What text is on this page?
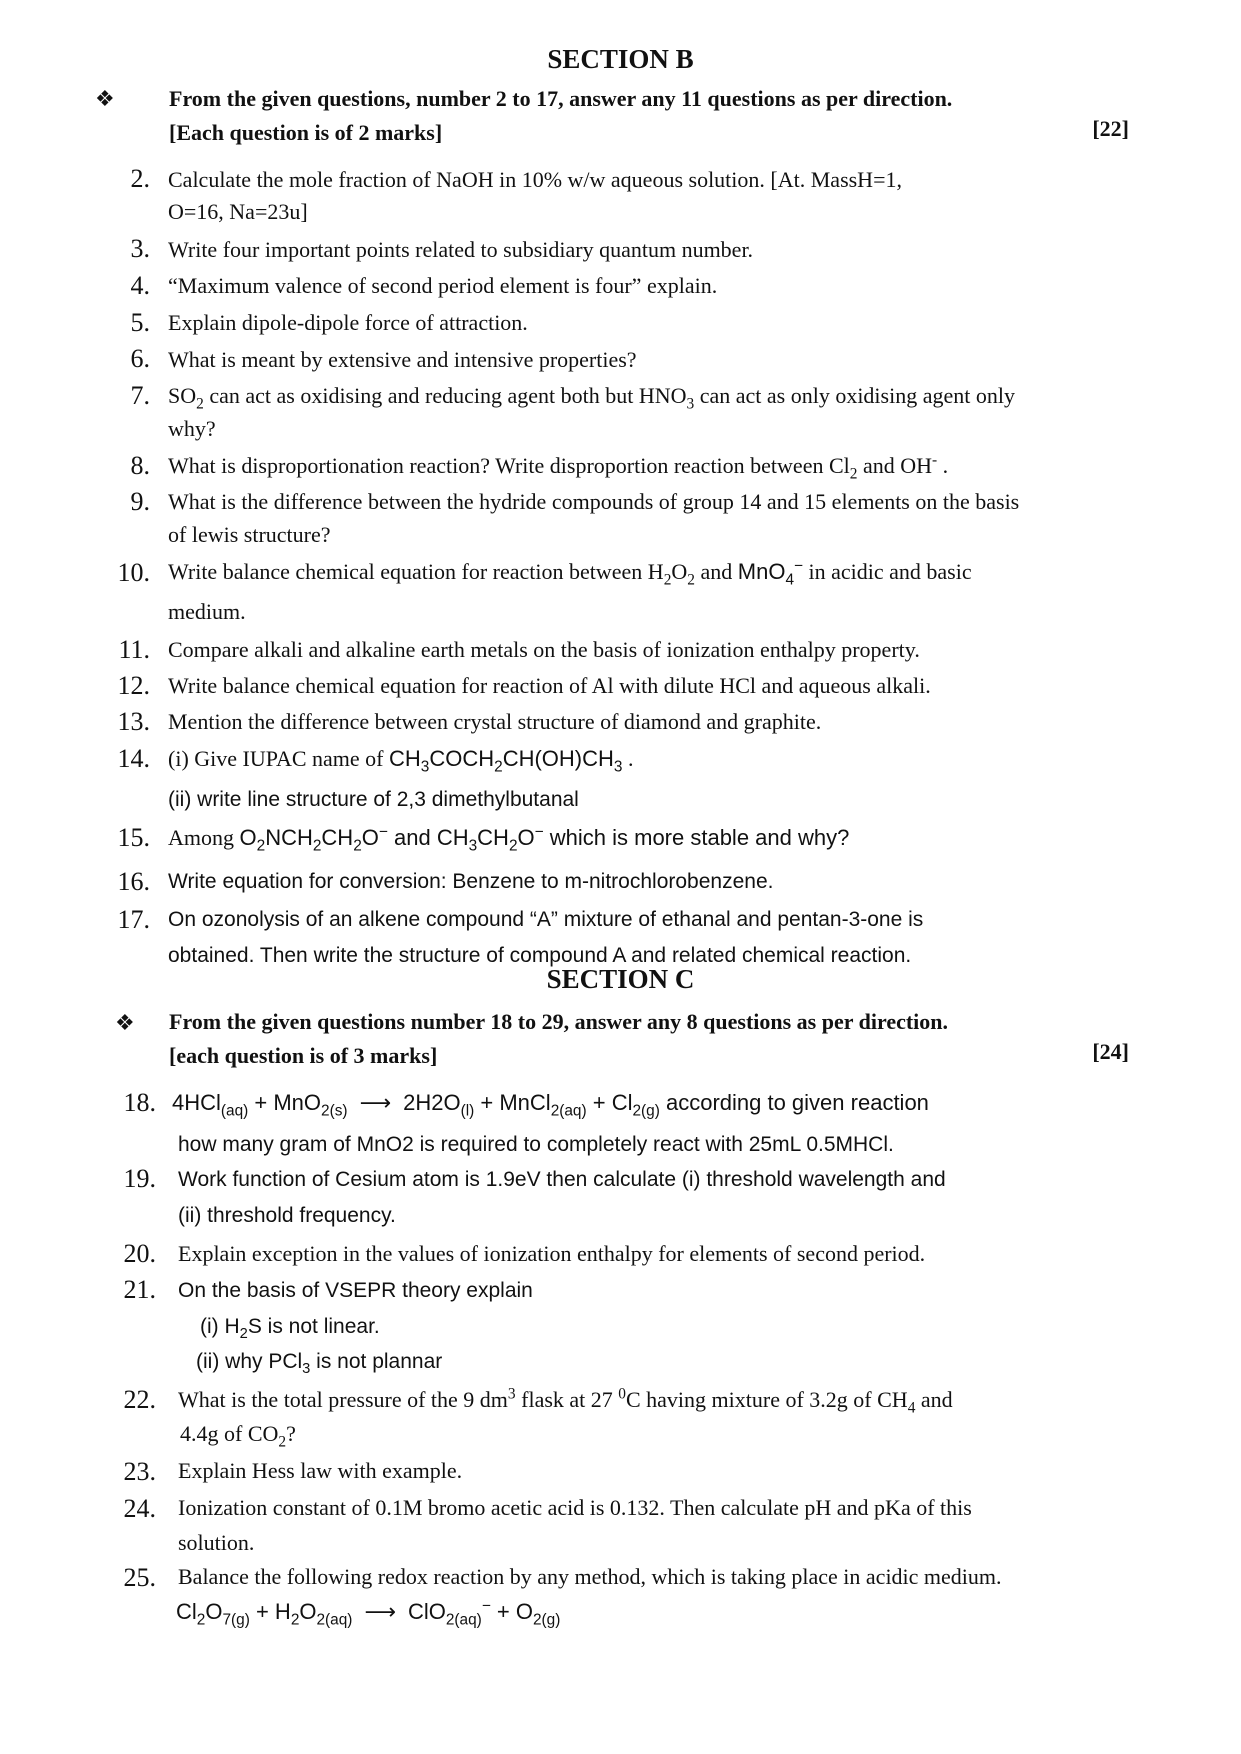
SECTION B
❖ From the given questions, number 2 to 17, answer any 11 questions as per direction.
[Each question is of 2 marks]	[22]
SECTION C
❖ From the given questions number 18 to 29, answer any 8 questions as per direction.
[each question is of 3 marks]	[24]
2. Calculate the mole fraction of NaOH in 10% w/w aqueous solution. [At. MassH=1,
O=16, Na=23u]
3. Write four important points related to subsidiary quantum number.
4. “Maximum valence of second period element is four” explain.
5. Explain dipole-dipole force of attraction.
6. What is meant by extensive and intensive properties?
7. $SO_2$ can act as oxidising and reducing agent both but $HNO_3$ can act as only oxidising agent only
why?
8. What is disproportionation reaction? Write disproportion reaction between $Cl_2$ and OH- .
9. What is the difference between the hydride compounds of group 14 and 15 elements on the basis
of lewis structure?
10. Write balance chemical equation for reaction between $H_2O_2$ and MnO$_4$− in acidic and basic
medium.
11. Compare alkali and alkaline earth metals on the basis of ionization enthalpy property.
12. Write balance chemical equation for reaction of Al with dilute HCl and aqueous alkali.
13. Mention the difference between crystal structure of diamond and graphite.
14. (i) Give IUPAC name of $CH_3COCH_2CH(OH)CH_3$ .
(ii) write line structure of 2,3 dimethylbutanal
15. Among $O_2NCH_2CH_2O^-$ and $CH_3CH_2O^-$ which is more stable and why?
16. Write equation for conversion: Benzene to m-nitrochlorobenzene.
17. On ozonolysis of an alkene compound “A” mixture of ethanal and pentan-3-one is
obtained. Then write the structure of compound A and related chemical reaction.
18. 4HCl$_{(aq)}$ + MnO$_{2(s)}$ ⟶ $2H2O_{(l)}$ + MnCl$_{2(aq)}$ + $Cl_{2(g)}$ according to given reaction
how many gram of MnO2 is required to completely react with 25mL 0.5MHCl.
19. Work function of Cesium atom is 1.9eV then calculate (i) threshold wavelength and
(ii) threshold frequency.
20. Explain exception in the values of ionization enthalpy for elements of second period.
21. On the basis of VSEPR theory explain
(i) $H_2S$ is not linear.
(ii) why PCl$_3$ is not plannar
22. What is the total pressure of the 9 $dm^3$ flask at 27 $^0$C having mixture of 3.2g of $CH_4$ and
4.4g of $CO_2$?
23. Explain Hess law with example.
24. Ionization constant of 0.1M bromo acetic acid is 0.132. Then calculate pH and pKa of this
solution.
25. Balance the following redox reaction by any method, which is taking place in acidic medium.
$Cl_2O_{7(g)} + H_2O_{2(aq)}$ ⟶ $ClO_{2(aq)}^- + O_{2(g)}$
